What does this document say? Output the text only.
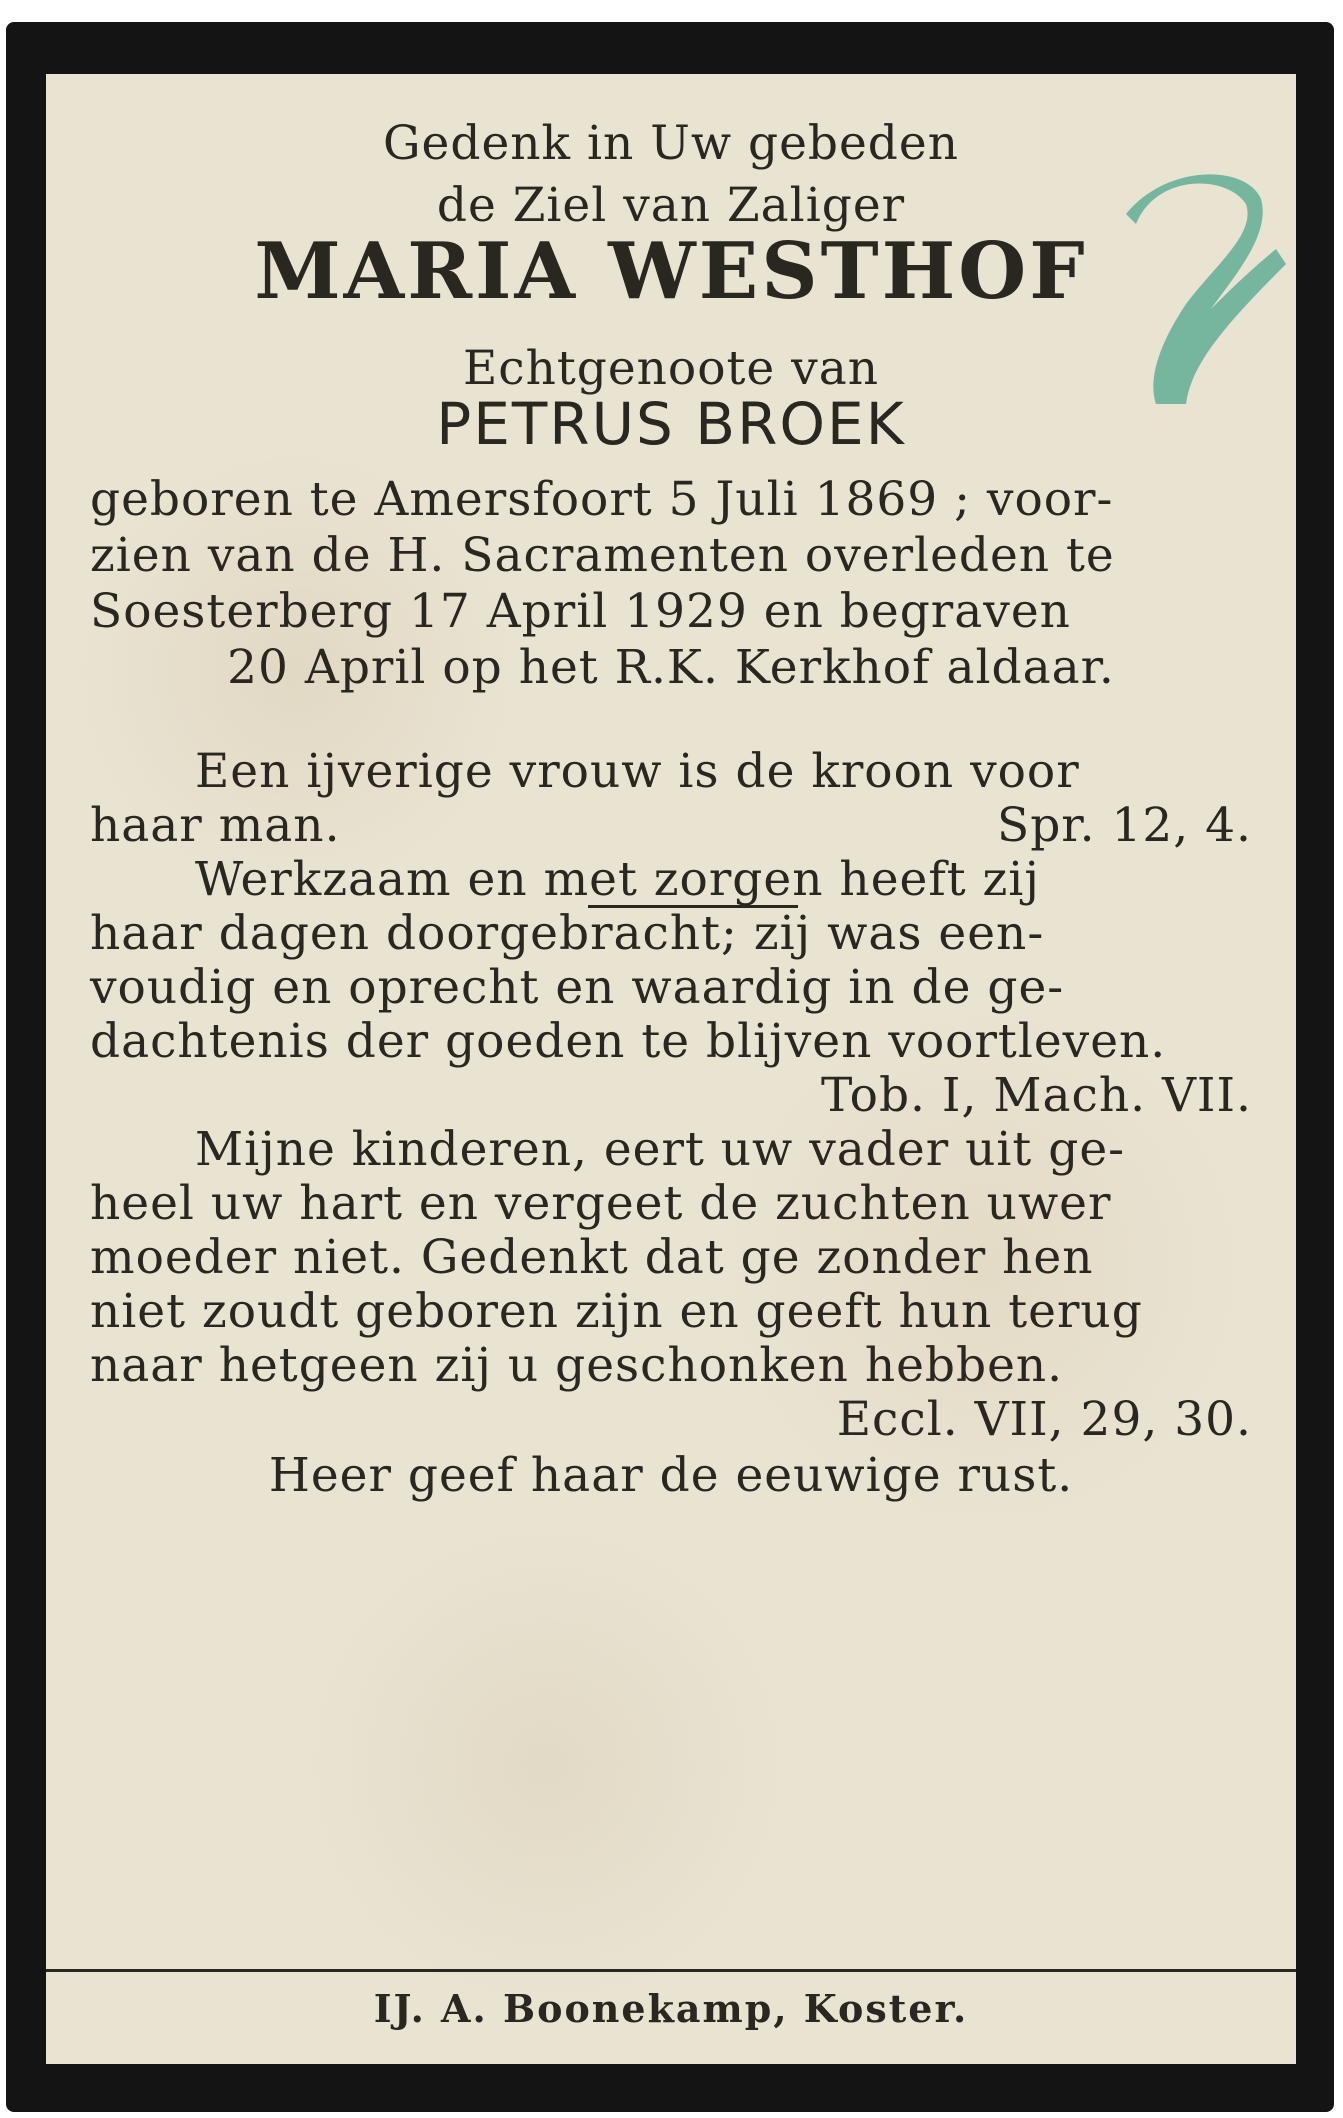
Gedenk in Uw gebeden
de Ziel van Zaliger
MARIA WESTHOF
Echtgenoote van
PETRUS BROEK
geboren te Amersfoort 5 Juli 1869 ; voor-
zien van de H. Sacramenten overleden te
Soesterberg 17 April 1929 en begraven
20 April op het R.K. Kerkhof aldaar.
Een ijverige vrouw is de kroon voor
haar man.	Spr. 12, 4.
Werkzaam en met zorgen heeft zij
haar dagen doorgebracht; zij was een-
voudig en oprecht en waardig in de ge-
dachtenis der goeden te blijven voortleven.
Tob. I, Mach. VII.
Mijne kinderen, eert uw vader uit ge-
heel uw hart en vergeet de zuchten uwer
moeder niet. Gedenkt dat ge zonder hen
niet zoudt geboren zijn en geeft hun terug
naar hetgeen zij u geschonken hebben.
Eccl. VII, 29, 30.
Heer geef haar de eeuwige rust.
IJ. A. Boonekamp, Koster.
